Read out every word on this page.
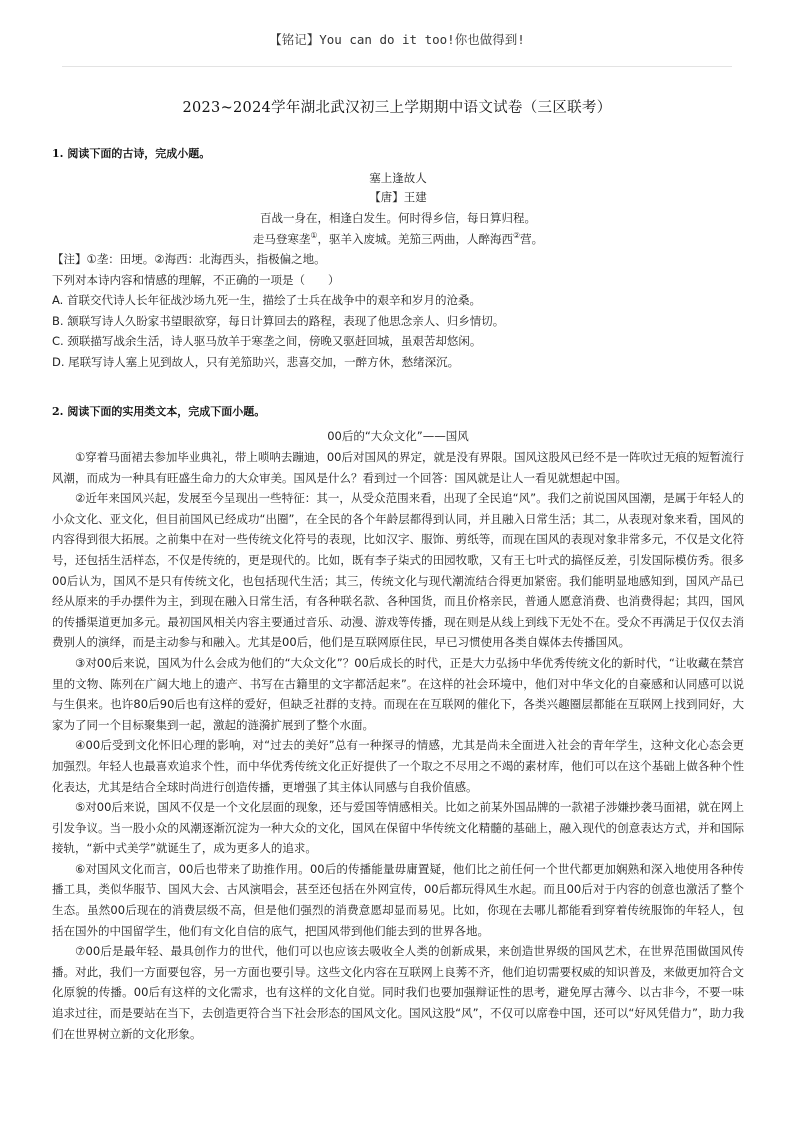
【铭记】You can do it too!你也做得到!
2023~2024学年湖北武汉初三上学期期中语文试卷（三区联考）
1. 阅读下面的古诗，完成小题。
塞上逢故人
【唐】王建
百战一身在，相逢白发生。何时得乡信，每日算归程。
走马登寒垄①，驱羊入废城。羌笳三两曲，人醉海西②营。

【注】①垄：田埂。②海西：北海西头，指极偏之地。

下列对本诗内容和情感的理解，不正确的一项是（　　）

A. 首联交代诗人长年征战沙场九死一生，描绘了士兵在战争中的艰辛和岁月的沧桑。

B. 颔联写诗人久盼家书望眼欲穿，每日计算回去的路程，表现了他思念亲人、归乡情切。

C. 颈联描写战余生活，诗人驱马放羊于寒垄之间，傍晚又驱赶回城，虽艰苦却悠闲。

D. 尾联写诗人塞上见到故人，只有羌笳助兴，悲喜交加，一醉方休，愁绪深沉。

2. 阅读下面的实用类文本，完成下面小题。
00后的“大众文化”——国风

①穿着马面裙去参加毕业典礼，带上唢呐去蹦迪，00后对国风的界定，就是没有界限。国风这股风已经不是一阵吹过无痕的短暂流行风潮，而成为一种具有旺盛生命力的大众审美。国风是什么？看到过一个回答：国风就是让人一看见就想起中国。

②近年来国风兴起，发展至今呈现出一些特征：其一，从受众范围来看，出现了全民追“风”。我们之前说国风国潮，是属于年轻人的小众文化、亚文化，但目前国风已经成功“出圈”，在全民的各个年龄层都得到认同，并且融入日常生活；其二，从表现对象来看，国风的内容得到很大拓展。之前集中在对一些传统文化符号的表现，比如汉字、服饰、剪纸等，而现在国风的表现对象非常多元，不仅是文化符号，还包括生活样态，不仅是传统的，更是现代的。比如，既有李子柒式的田园牧歌，又有王七叶式的搞怪反差，引发国际模仿秀。很多00后认为，国风不是只有传统文化，也包括现代生活；其三，传统文化与现代潮流结合得更加紧密。我们能明显地感知到，国风产品已经从原来的手办摆件为主，到现在融入日常生活，有各种联名款、各种国货，而且价格亲民，普通人愿意消费、也消费得起；其四，国风的传播渠道更加多元。最初国风相关内容主要通过音乐、动漫、游戏等传播，现在则是从线上到线下无处不在。受众不再满足于仅仅去消费别人的演绎，而是主动参与和融入。尤其是00后，他们是互联网原住民，早已习惯使用各类自媒体去传播国风。

③对00后来说，国风为什么会成为他们的“大众文化”？00后成长的时代，正是大力弘扬中华优秀传统文化的新时代，“让收藏在禁宫里的文物、陈列在广阔大地上的遗产、书写在古籍里的文字都活起来”。在这样的社会环境中，他们对中华文化的自豪感和认同感可以说与生俱来。也许80后90后也有这样的爱好，但缺乏社群的支持。而现在在互联网的催化下，各类兴趣圈层都能在互联网上找到同好，大家为了同一个目标聚集到一起，激起的涟漪扩展到了整个水面。

④00后受到文化怀旧心理的影响，对“过去的美好”总有一种探寻的情感，尤其是尚未全面进入社会的青年学生，这种文化心态会更加强烈。年轻人也最喜欢追求个性，而中华优秀传统文化正好提供了一个取之不尽用之不竭的素材库，他们可以在这个基础上做各种个性化表达，尤其是结合全球时尚进行创造传播，更增强了其主体认同感与自我价值感。

⑤对00后来说，国风不仅是一个文化层面的现象，还与爱国等情感相关。比如之前某外国品牌的一款裙子涉嫌抄袭马面裙，就在网上引发争议。当一股小众的风潮逐渐沉淀为一种大众的文化，国风在保留中华传统文化精髓的基础上，融入现代的创意表达方式，并和国际接轨，“新中式美学”就诞生了，成为更多人的追求。

⑥对国风文化而言，00后也带来了助推作用。00后的传播能量毋庸置疑，他们比之前任何一个世代都更加娴熟和深入地使用各种传播工具，类似华服节、国风大会、古风演唱会，甚至还包括在外网宣传，00后都玩得风生水起。而且00后对于内容的创意也激活了整个生态。虽然00后现在的消费层级不高，但是他们强烈的消费意愿却显而易见。比如，你现在去哪儿都能看到穿着传统服饰的年轻人，包括在国外的中国留学生，他们有文化自信的底气，把国风带到他们能去到的世界各地。

⑦00后是最年轻、最具创作力的世代，他们可以也应该去吸收全人类的创新成果，来创造世界级的国风艺术，在世界范围做国风传播。对此，我们一方面要包容，另一方面也要引导。这些文化内容在互联网上良莠不齐，他们迫切需要权威的知识普及，来做更加符合文化原貌的传播。00后有这样的文化需求，也有这样的文化自觉。同时我们也要加强辩证性的思考，避免厚古薄今、以古非今，不要一味追求过往，而是要站在当下，去创造更符合当下社会形态的国风文化。国风这股“风”，不仅可以席卷中国，还可以“好风凭借力”，助力我们在世界树立新的文化形象。
